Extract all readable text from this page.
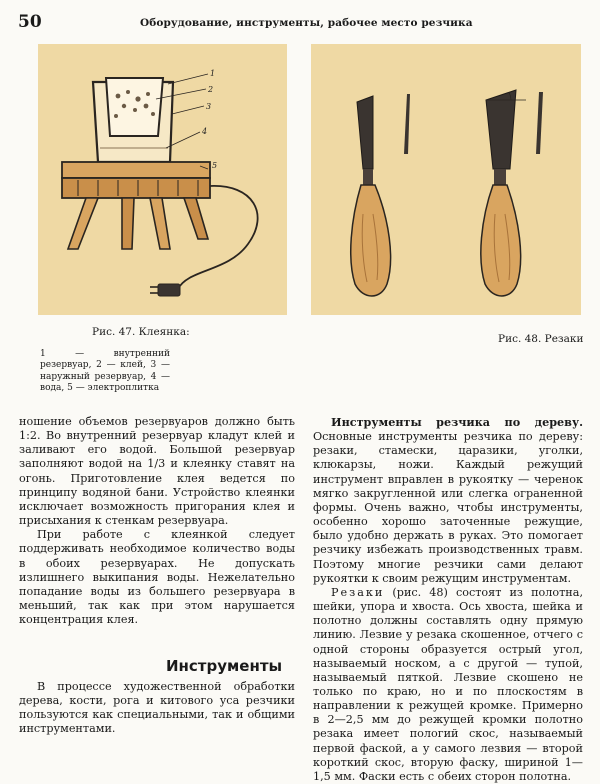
50	Оборудование, инструменты, рабочее место резчика
1
2
3
4
5
Рис. 47. Клеянка:
Рис. 48. Резаки
1 — внутренний резервуар, 2 — клей, 3 — наружный резервуар, 4 — вода, 5 — электроплитка

ношение объемов резервуаров должно быть 1:2. Во внутренний резервуар кладут клей и заливают его водой. Большой резервуар заполняют водой на 1/3 и клеянку ставят на огонь. Приготовление клея ведется по принципу водяной бани. Устройство клеянки исключает возможность пригорания клея и присыхания к стенкам резервуара.

При работе с клеянкой следует поддерживать необходимое количество воды в обоих резервуарах. Не допускать излишнего выкипания воды. Нежелательно попадание воды из большего резервуара в меньший, так как при этом нарушается концентрация клея.

Инструменты

В процессе художественной обработки дерева, кости, рога и китового уса резчики пользуются как специальными, так и общими инструментами.

Инструменты резчика по дереву. Основные инструменты резчика по дереву: резаки, стамески, царазики, уголки, клюкарзы, ножи. Каждый режущий инструмент вправлен в рукоятку — черенок мягко закругленной или слегка ограненной формы. Очень важно, чтобы инструменты, особенно хорошо заточенные режущие, было удобно держать в руках. Это помогает резчику избежать производственных травм. Поэтому многие резчики сами делают рукоятки к своим режущим инструментам.

Резаки (рис. 48) состоят из полотна, шейки, упора и хвоста. Ось хвоста, шейка и полотно должны составлять одну прямую линию. Лезвие у резака скошенное, отчего с одной стороны образуется острый угол, называемый носком, а с другой — тупой, называемый пяткой. Лезвие скошено не только по краю, но и по плоскостям в направлении к режущей кромке. Примерно в 2—2,5 мм до режущей кромки полотно резака имеет пологий скос, называемый первой фаской, а у самого лезвия — второй короткий скос, вторую фаску, шириной 1—1,5 мм. Фаски есть с обеих сторон полотна.
